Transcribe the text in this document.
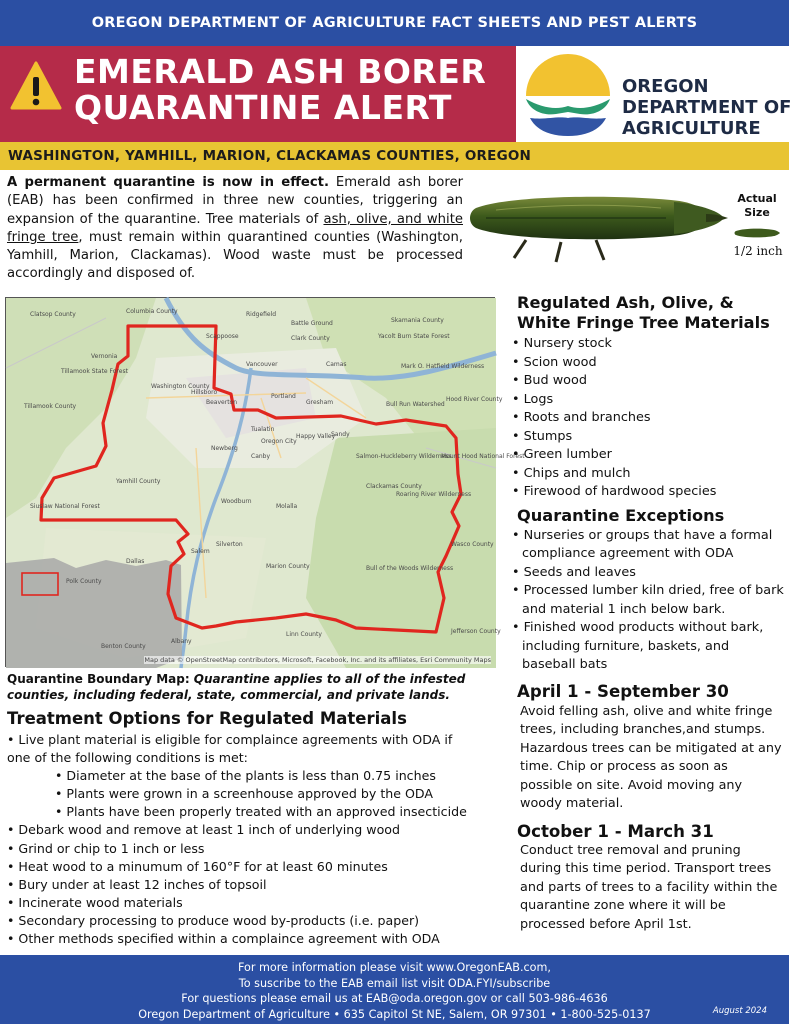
OREGON DEPARTMENT OF AGRICULTURE FACT SHEETS AND PEST ALERTS
EMERALD ASH BORER
QUARANTINE ALERT
OREGON
DEPARTMENT OF
AGRICULTURE
WASHINGTON, YAMHILL, MARION, CLACKAMAS COUNTIES, OREGON

A permanent quarantine is now in effect. Emerald ash borer (EAB) has been confirmed in three new counties, triggering an expansion of the quarantine. Tree materials of ash, olive, and white fringe tree, must remain within quarantined counties (Washington, Yamhill, Marion, Clackamas). Wood waste must be processed accordingly and disposed of.

Actual Size
1/2 inch
Clatsop County	Columbia County	Ridgefield
Battle Ground	Skamania County
Yacolt Burn State Forest
Scappoose	Clark County
Vancouver	Camas
Tillamook State Forest
Washington County
Hillsboro
Beaverton
Portland
Gresham
Mark O. Hatfield Wilderness
Tillamook County	Bull Run Watershed
Tualatin
Oregon City
Happy Valley
Sandy
Newberg
Canby	Salmon-Huckleberry Wilderness
Mount Hood National Forest
Yamhill County
Clackamas County
Roaring River Wilderness
Woodburn
Molalla
Silverton
Salem
Dallas
Marion County	Bull of the Woods Wilderness
Wasco County
Jefferson County
Linn County
Albany
Benton County
Polk County
Siuslaw National Forest
Vernonia
Hood River County
Map data © OpenStreetMap contributors, Microsoft, Facebook, Inc. and its affiliates, Esri Community Maps
Quarantine Boundary Map: Quarantine applies to all of the infested counties, including federal, state, commercial, and private lands.
Treatment Options for Regulated Materials
• Live plant material is eligible for complaince agreements with ODA if
one of the following conditions is met:
• Diameter at the base of the plants is less than 0.75 inches
• Plants were grown in a screenhouse approved by the ODA
• Plants have been properly treated with an approved insecticide
• Debark wood and remove at least 1 inch of underlying wood
• Grind or chip to 1 inch or less
• Heat wood to a minumum of 160°F for at least 60 minutes
• Bury under at least 12 inches of topsoil
• Incinerate wood materials
• Secondary processing to produce wood by-products (i.e. paper)
• Other methods specified within a complaince agreement with ODA
Regulated Ash, Olive, & White Fringe Tree Materials
• Nursery stock
• Scion wood
• Bud wood
• Logs
• Roots and branches
• Stumps
• Green lumber
• Chips and mulch
• Firewood of hardwood species
Quarantine Exceptions
• Nurseries or groups that have a formal compliance agreement with ODA
• Seeds and leaves
• Processed lumber kiln dried, free of bark and material 1 inch below bark.
• Finished wood products without bark, including furniture, baskets, and baseball bats
April 1 - September 30

Avoid felling ash, olive and white fringe trees, including branches,and stumps. Hazardous trees can be mitigated at any time. Chip or process as soon as possible on site. Avoid moving any woody material.

October 1 - March 31

Conduct tree removal and pruning during this time period. Transport trees and parts of trees to a facility within the quarantine zone where it will be processed before April 1st.

For more information please visit www.OregonEAB.com,
To suscribe to the EAB email list visit ODA.FYI/subscribe
For questions please email us at EAB@oda.oregon.gov or call 503-986-4636
Oregon Department of Agriculture • 635 Capitol St NE, Salem, OR 97301 • 1-800-525-0137	August 2024
